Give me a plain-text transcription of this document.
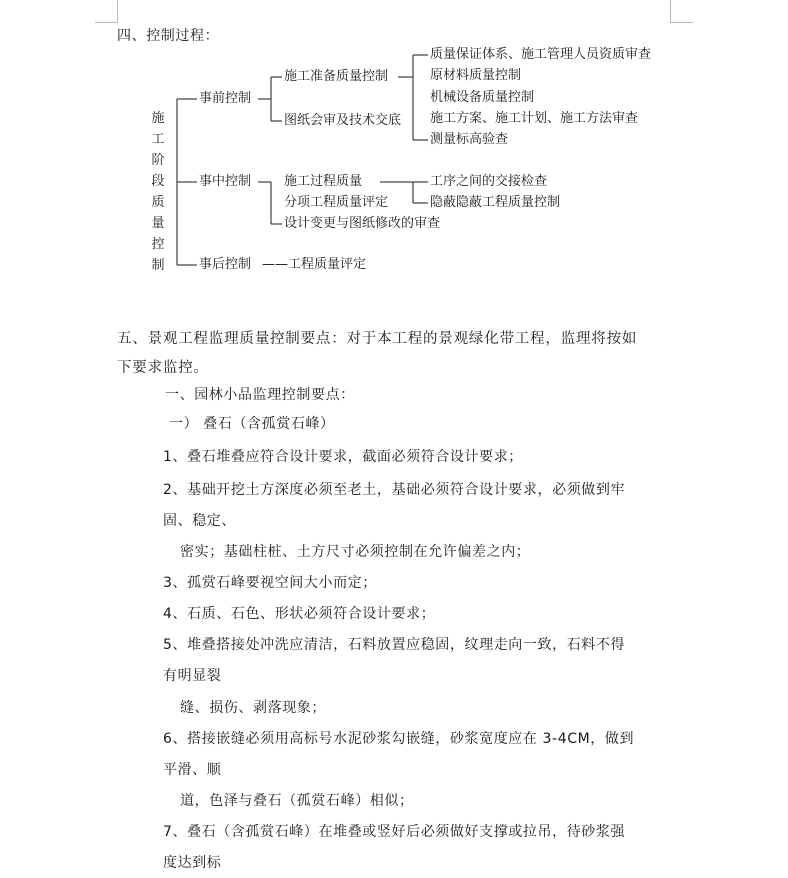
四、控制过程：
施
工
阶
段
质
量
控
制
事前控制
施工准备质量控制
图纸会审及技术交底
质量保证体系、施工管理人员资质审查
原材料质量控制
机械设备质量控制
施工方案、施工计划、施工方法审查
测量标高验查
事中控制	施工过程质量
分项工程质量评定
设计变更与图纸修改的审查
工序之间的交接检查
隐蔽隐蔽工程质量控制
事后控制 ——工程质量评定
五、景观工程监理质量控制要点：对于本工程的景观绿化带工程，监理将按如
下要求监控。
一、园林小品监理控制要点：
一） 叠石（含孤赏石峰）
1、叠石堆叠应符合设计要求，截面必须符合设计要求；
2、基础开挖土方深度必须至老土，基础必须符合设计要求，必须做到牢
固、稳定、
密实；基础柱桩、土方尺寸必须控制在允许偏差之内；
3、孤赏石峰要视空间大小而定；
4、石质、石色、形状必须符合设计要求；
5、堆叠搭接处冲洗应清洁，石料放置应稳固，纹理走向一致，石料不得
有明显裂
缝、损伤、剥落现象；
6、搭接嵌缝必须用高标号水泥砂浆勾嵌缝，砂浆宽度应在 3-4CM，做到
平滑、顺
道，色泽与叠石（孤赏石峰）相似；
7、叠石（含孤赏石峰）在堆叠或竖好后必须做好支撑或拉吊，待砂浆强
度达到标
